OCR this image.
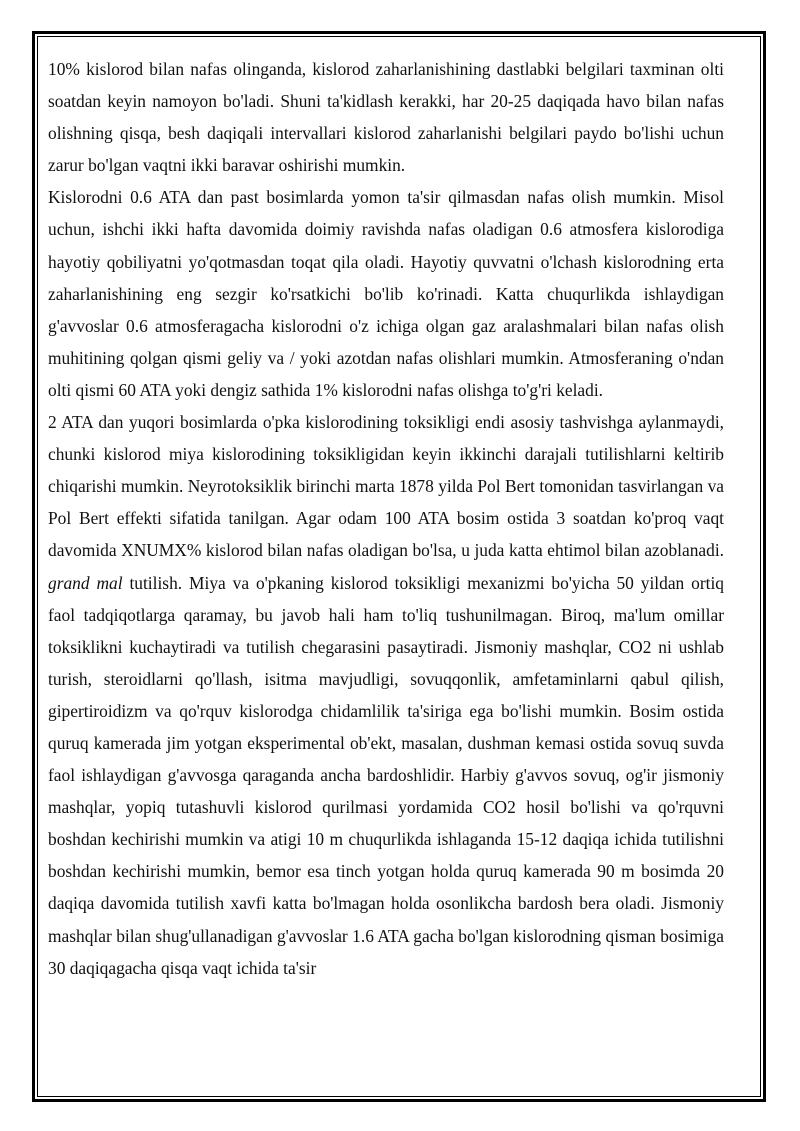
10% kislorod bilan nafas olinganda, kislorod zaharlanishining dastlabki belgilari taxminan olti soatdan keyin namoyon bo'ladi. Shuni ta'kidlash kerakki, har 20-25 daqiqada havo bilan nafas olishning qisqa, besh daqiqali intervallari kislorod zaharlanishi belgilari paydo bo'lishi uchun zarur bo'lgan vaqtni ikki baravar oshirishi mumkin.

Kislorodni 0.6 ATA dan past bosimlarda yomon ta'sir qilmasdan nafas olish mumkin. Misol uchun, ishchi ikki hafta davomida doimiy ravishda nafas oladigan 0.6 atmosfera kislorodiga hayotiy qobiliyatni yo'qotmasdan toqat qila oladi. Hayotiy quvvatni o'lchash kislorodning erta zaharlanishining eng sezgir ko'rsatkichi bo'lib ko'rinadi. Katta chuqurlikda ishlaydigan g'avvoslar 0.6 atmosferagacha kislorodni o'z ichiga olgan gaz aralashmalari bilan nafas olish muhitining qolgan qismi geliy va / yoki azotdan nafas olishlari mumkin. Atmosferaning o'ndan olti qismi 60 ATA yoki dengiz sathida 1% kislorodni nafas olishga to'g'ri keladi.

2 ATA dan yuqori bosimlarda o'pka kislorodining toksikligi endi asosiy tashvishga aylanmaydi, chunki kislorod miya kislorodining toksikligidan keyin ikkinchi darajali tutilishlarni keltirib chiqarishi mumkin. Neyrotoksiklik birinchi marta 1878 yilda Pol Bert tomonidan tasvirlangan va Pol Bert effekti sifatida tanilgan. Agar odam 100 ATA bosim ostida 3 soatdan ko'proq vaqt davomida XNUMX% kislorod bilan nafas oladigan bo'lsa, u juda katta ehtimol bilan azoblanadi. grand mal tutilish. Miya va o'pkaning kislorod toksikligi mexanizmi bo'yicha 50 yildan ortiq faol tadqiqotlarga qaramay, bu javob hali ham to'liq tushunilmagan. Biroq, ma'lum omillar toksiklikni kuchaytiradi va tutilish chegarasini pasaytiradi. Jismoniy mashqlar, CO2 ni ushlab turish, steroidlarni qo'llash, isitma mavjudligi, sovuqqonlik, amfetaminlarni qabul qilish, gipertiroidizm va qo'rquv kislorodga chidamlilik ta'siriga ega bo'lishi mumkin. Bosim ostida quruq kamerada jim yotgan eksperimental ob'ekt, masalan, dushman kemasi ostida sovuq suvda faol ishlaydigan g'avvosga qaraganda ancha bardoshlidir. Harbiy g'avvos sovuq, og'ir jismoniy mashqlar, yopiq tutashuvli kislorod qurilmasi yordamida CO2 hosil bo'lishi va qo'rquvni boshdan kechirishi mumkin va atigi 10 m chuqurlikda ishlaganda 15-12 daqiqa ichida tutilishni boshdan kechirishi mumkin, bemor esa tinch yotgan holda quruq kamerada 90 m bosimda 20 daqiqa davomida tutilish xavfi katta bo'lmagan holda osonlikcha bardosh bera oladi. Jismoniy mashqlar bilan shug'ullanadigan g'avvoslar 1.6 ATA gacha bo'lgan kislorodning qisman bosimiga 30 daqiqagacha qisqa vaqt ichida ta'sir
